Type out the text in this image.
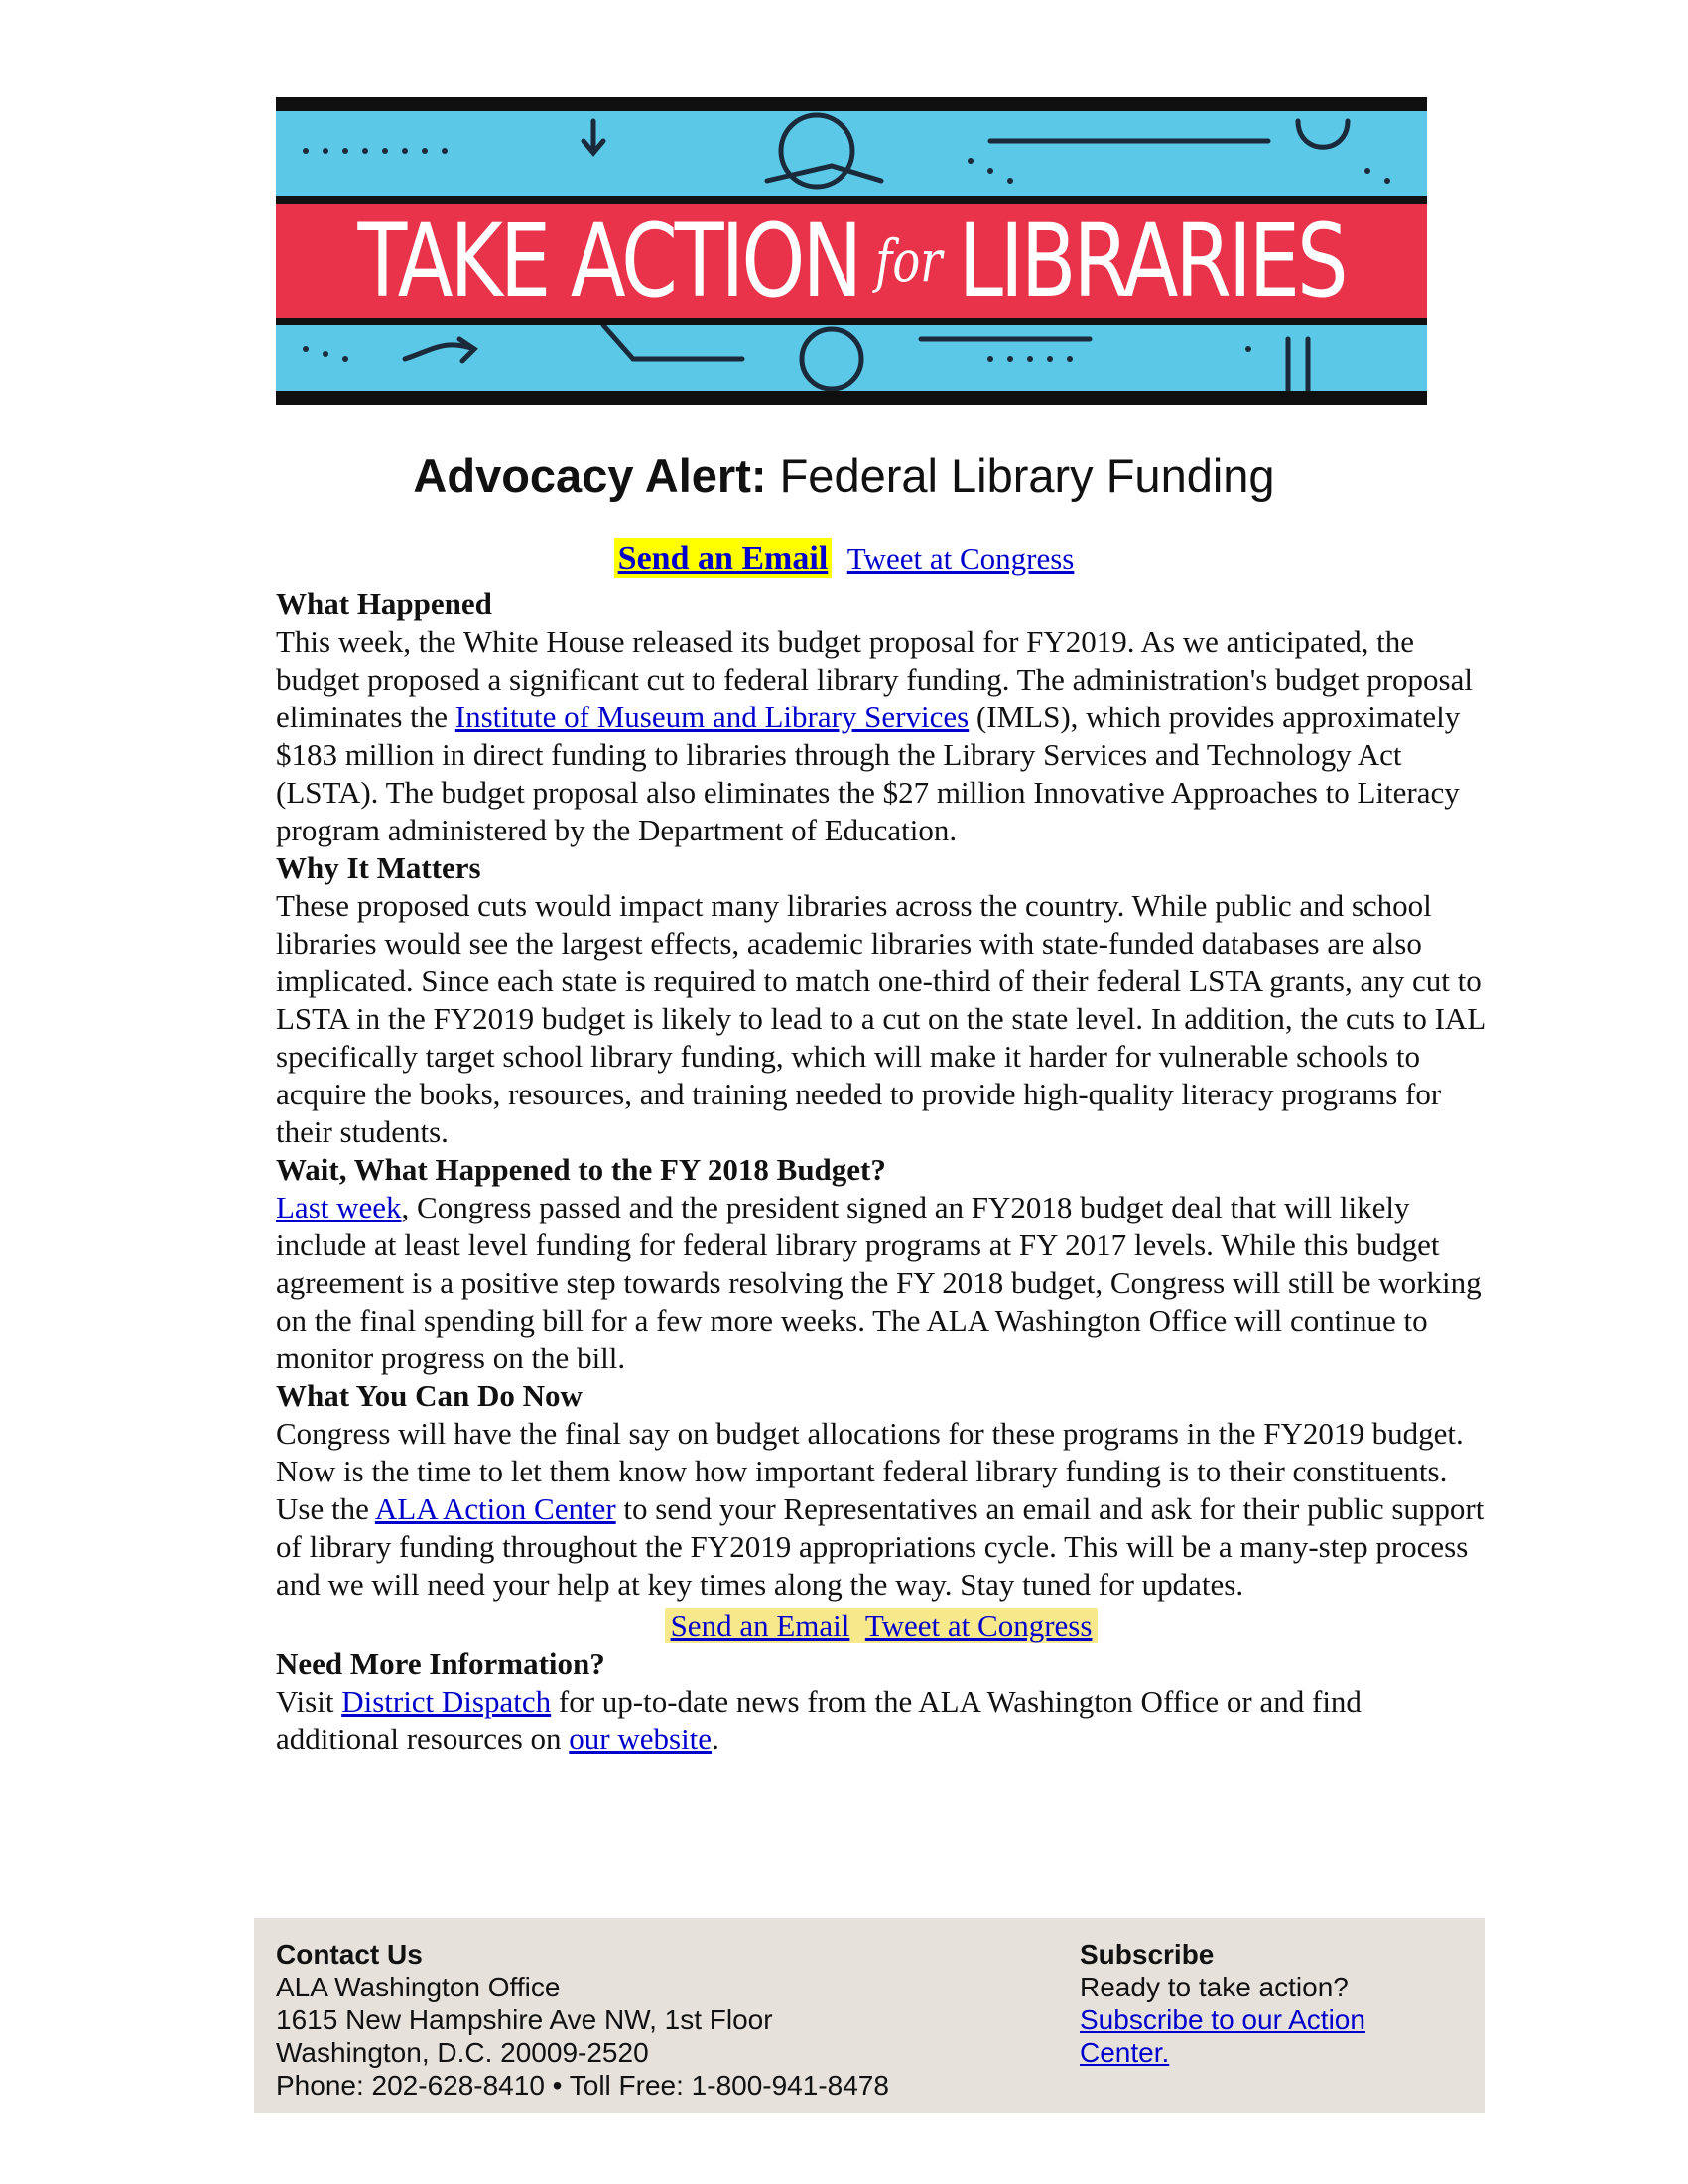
TAKE ACTION for LIBRARIES
Advocacy Alert: Federal Library Funding
Send an Email Tweet at Congress
What Happened

This week, the White House released its budget proposal for FY2019. As we anticipated, the budget proposed a significant cut to federal library funding. The administration's budget proposal eliminates the Institute of Museum and Library Services (IMLS), which provides approximately $183 million in direct funding to libraries through the Library Services and Technology Act (LSTA). The budget proposal also eliminates the $27 million Innovative Approaches to Literacy program administered by the Department of Education.

Why It Matters

These proposed cuts would impact many libraries across the country. While public and school libraries would see the largest effects, academic libraries with state-funded databases are also implicated. Since each state is required to match one-third of their federal LSTA grants, any cut to LSTA in the FY2019 budget is likely to lead to a cut on the state level. In addition, the cuts to IAL specifically target school library funding, which will make it harder for vulnerable schools to acquire the books, resources, and training needed to provide high-quality literacy programs for their students.

Wait, What Happened to the FY 2018 Budget?

Last week, Congress passed and the president signed an FY2018 budget deal that will likely include at least level funding for federal library programs at FY 2017 levels. While this budget agreement is a positive step towards resolving the FY 2018 budget, Congress will still be working on the final spending bill for a few more weeks. The ALA Washington Office will continue to monitor progress on the bill.

What You Can Do Now

Congress will have the final say on budget allocations for these programs in the FY2019 budget. Now is the time to let them know how important federal library funding is to their constituents. Use the ALA Action Center to send your Representatives an email and ask for their public support of library funding throughout the FY2019 appropriations cycle. This will be a many-step process and we will need your help at key times along the way. Stay tuned for updates.

Send an Email Tweet at Congress
Need More Information?

Visit District Dispatch for up-to-date news from the ALA Washington Office or and find additional resources on our website.

Contact Us
ALA Washington Office
1615 New Hampshire Ave NW, 1st Floor
Washington, D.C. 20009-2520
Phone: 202-628-8410 • Toll Free: 1-800-941-8478
Subscribe
Ready to take action?
Subscribe to our Action
Center.
